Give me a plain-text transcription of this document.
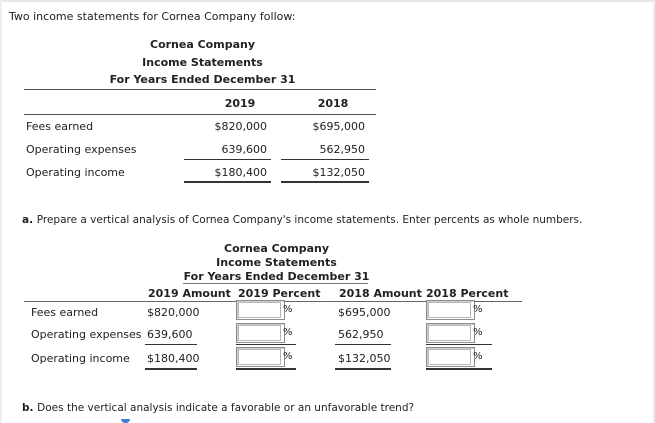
Two income statements for Cornea Company follow:
Cornea Company
Income Statements
For Years Ended December 31
2019	2018
Fees earned	$820,000	$695,000
Operating expenses	639,600	562,950
Operating income	$180,400	$132,050
a. Prepare a vertical analysis of Cornea Company's income statements. Enter percents as whole numbers.
Cornea Company
Income Statements
For Years Ended December 31
2019 Amount 2019 Percent 2018 Amount 2018 Percent
Fees earned	$820,000	%	$695,000	%
Operating expenses 639,600	%	562,950	%
Operating income $180,400	%	$132,050	%
b. Does the vertical analysis indicate a favorable or an unfavorable trend?
